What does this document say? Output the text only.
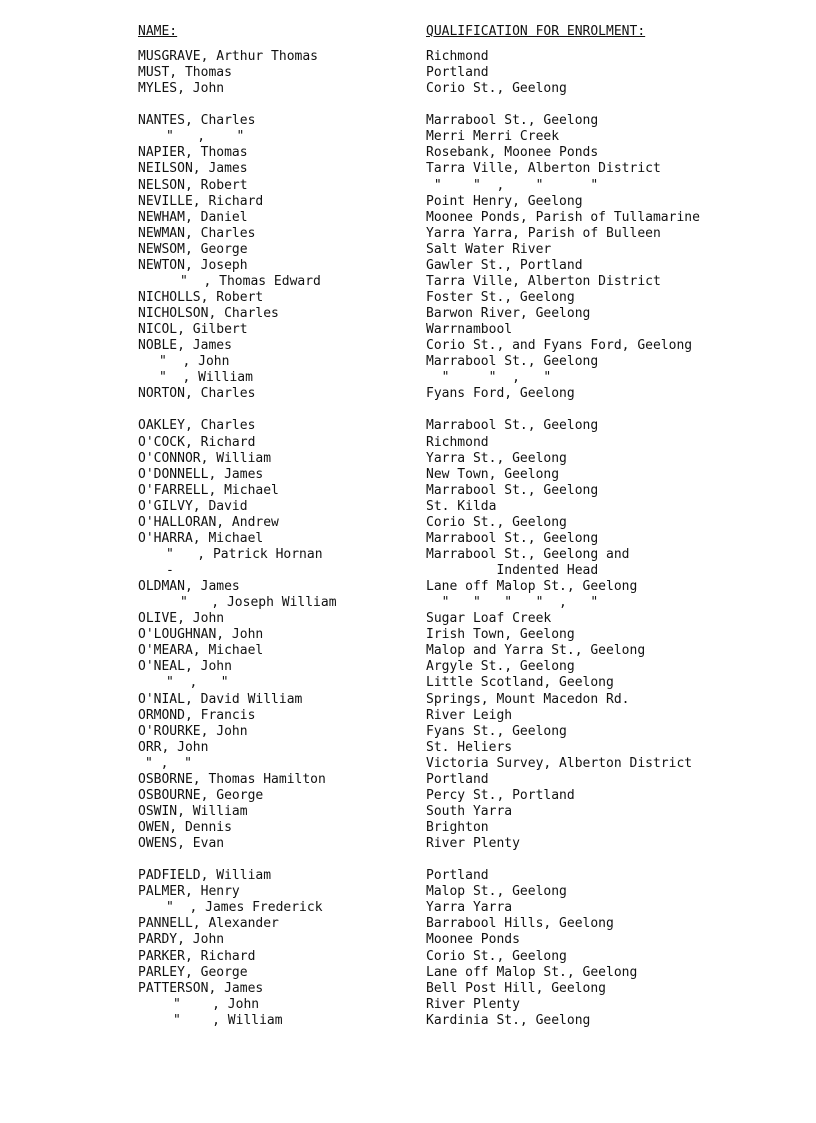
NAME:	QUALIFICATION FOR ENROLMENT:
MUSGRAVE, Arthur Thomas	Richmond
MUST, Thomas	Portland
MYLES, John	Corio St., Geelong
NANTES, Charles	Marrabool St., Geelong
"   ,    "	Merri Merri Creek
NAPIER, Thomas	Rosebank, Moonee Ponds
NEILSON, James	Tarra Ville, Alberton District
NELSON, Robert	"    "  ,    "      "
NEVILLE, Richard	Point Henry, Geelong
NEWHAM, Daniel	Moonee Ponds, Parish of Tullamarine
NEWMAN, Charles	Yarra Yarra, Parish of Bulleen
NEWSOM, George	Salt Water River
NEWTON, Joseph	Gawler St., Portland
"  , Thomas Edward	Tarra Ville, Alberton District
NICHOLLS, Robert	Foster St., Geelong
NICHOLSON, Charles	Barwon River, Geelong
NICOL, Gilbert	Warrnambool
NOBLE, James	Corio St., and Fyans Ford, Geelong
"  , John	Marrabool St., Geelong
"  , William	"     "  ,   "
NORTON, Charles	Fyans Ford, Geelong
OAKLEY, Charles	Marrabool St., Geelong
O'COCK, Richard	Richmond
O'CONNOR, William	Yarra St., Geelong
O'DONNELL, James	New Town, Geelong
O'FARRELL, Michael	Marrabool St., Geelong
O'GILVY, David	St. Kilda
O'HALLORAN, Andrew	Corio St., Geelong
O'HARRA, Michael	Marrabool St., Geelong
"   , Patrick Hornan	Marrabool St., Geelong and
-	Indented Head
OLDMAN, James	Lane off Malop St., Geelong
"   , Joseph William	"   "   "   "  ,   "
OLIVE, John	Sugar Loaf Creek
O'LOUGHNAN, John	Irish Town, Geelong
O'MEARA, Michael	Malop and Yarra St., Geelong
O'NEAL, John	Argyle St., Geelong
"  ,   "	Little Scotland, Geelong
O'NIAL, David William	Springs, Mount Macedon Rd.
ORMOND, Francis	River Leigh
O'ROURKE, John	Fyans St., Geelong
ORR, John	St. Heliers
" ,  "	Victoria Survey, Alberton District
OSBORNE, Thomas Hamilton	Portland
OSBOURNE, George	Percy St., Portland
OSWIN, William	South Yarra
OWEN, Dennis	Brighton
OWENS, Evan	River Plenty
PADFIELD, William	Portland
PALMER, Henry	Malop St., Geelong
"  , James Frederick	Yarra Yarra
PANNELL, Alexander	Barrabool Hills, Geelong
PARDY, John	Moonee Ponds
PARKER, Richard	Corio St., Geelong
PARLEY, George	Lane off Malop St., Geelong
PATTERSON, James	Bell Post Hill, Geelong
"    , John	River Plenty
"    , William	Kardinia St., Geelong
